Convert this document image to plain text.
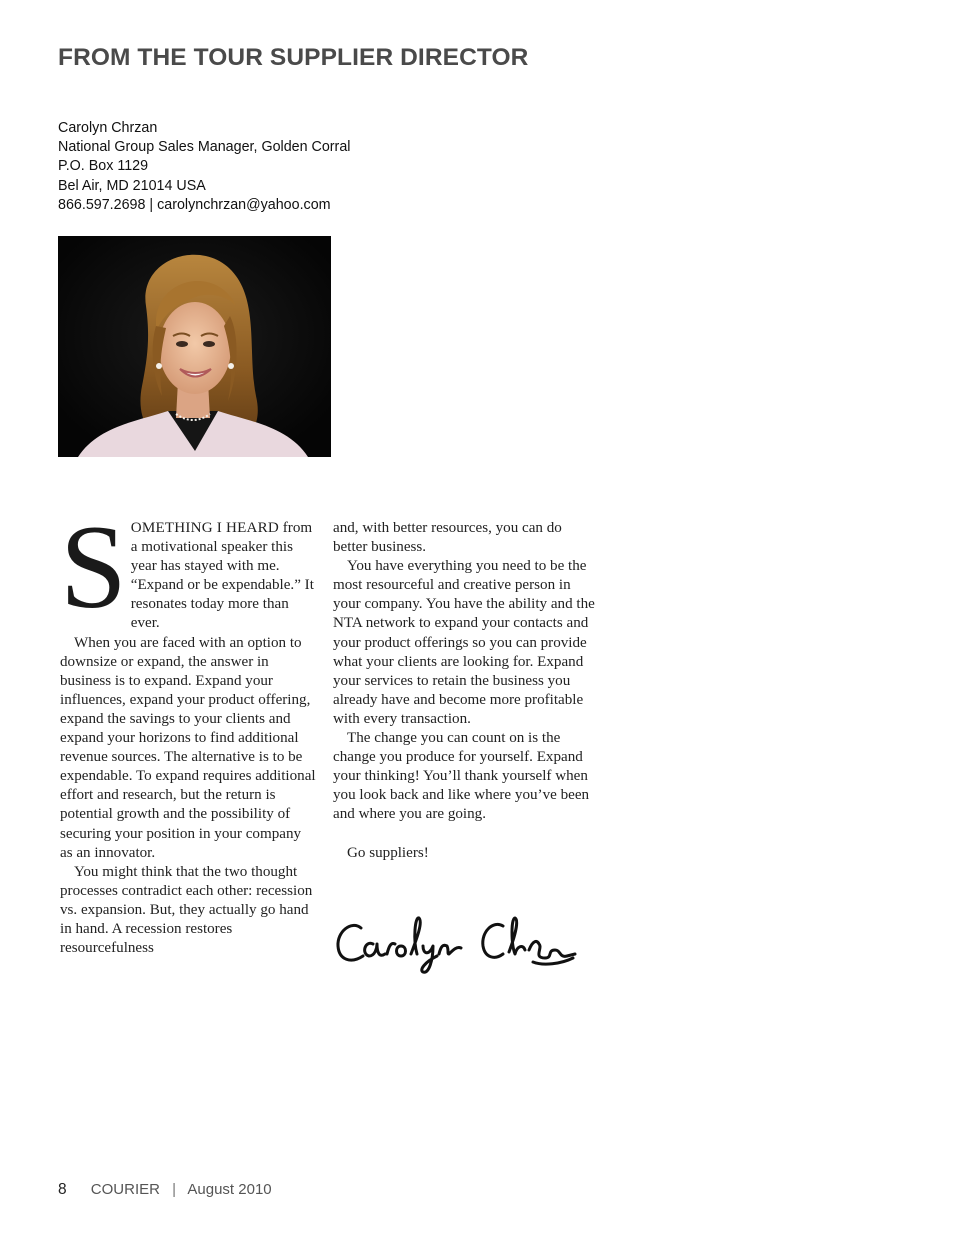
FROM THE TOUR SUPPLIER DIRECTOR
Carolyn Chrzan
National Group Sales Manager, Golden Corral
P.O. Box 1129
Bel Air, MD 21014 USA
866.597.2698 | carolynchrzan@yahoo.com

SOMETHING I HEARD from a motivational speaker this year has stayed with me. “Expand or be expendable.” It resonates today more than ever.

When you are faced with an option to downsize or expand, the answer in business is to expand. Expand your influences, expand your product offering, expand the savings to your clients and expand your horizons to find additional revenue sources. The alternative is to be expendable. To expand requires additional effort and research, but the return is potential growth and the possibility of securing your position in your company as an innovator.

You might think that the two thought processes contradict each other: recession vs. expansion. But, they actually go hand in hand. A recession restores resourcefulness

and, with better resources, you can do better business.

You have everything you need to be the most resourceful and creative person in your company. You have the ability and the NTA network to expand your contacts and your product offerings so you can provide what your clients are looking for. Expand your services to retain the business you already have and become more profitable with every transaction.

The change you can count on is the change you produce for yourself. Expand your thinking! You’ll thank yourself when you look back and like where you’ve been and where you are going.

Go suppliers!

8 COURIER | August 2010
